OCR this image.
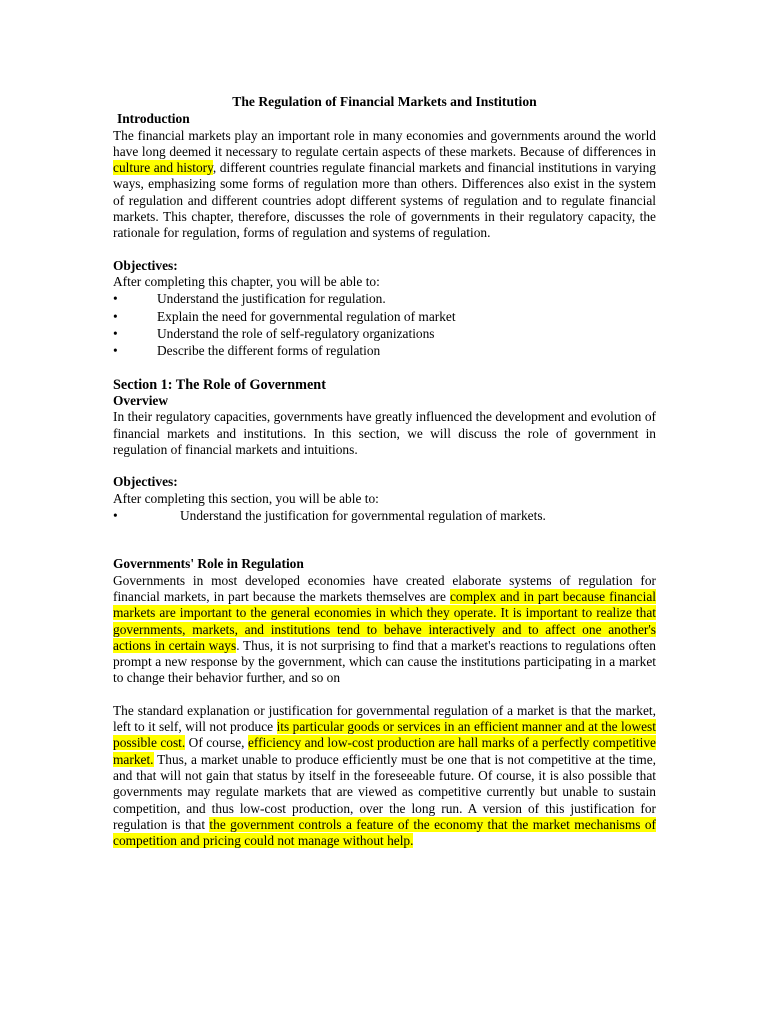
The Regulation of Financial Markets and Institution
Introduction

The financial markets play an important role in many economies and governments around the world have long deemed it necessary to regulate certain aspects of these markets. Because of differences in culture and history, different countries regulate financial markets and financial institutions in varying ways, emphasizing some forms of regulation more than others. Differences also exist in the system of regulation and different countries adopt different systems of regulation and to regulate financial markets. This chapter, therefore, discusses the role of governments in their regulatory capacity, the rationale for regulation, forms of regulation and systems of regulation.

Objectives:

After completing this chapter, you will be able to:

•	Understand the justification for regulation.
•	Explain the need for governmental regulation of market
•	Understand the role of self-regulatory organizations
•	Describe the different forms of regulation
Section 1: The Role of Government
Overview

In their regulatory capacities, governments have greatly influenced the development and evolution of financial markets and institutions. In this section, we will discuss the role of government in regulation of financial markets and intuitions.

Objectives:

After completing this section, you will be able to:

•	Understand the justification for governmental regulation of markets.
Governments' Role in Regulation

Governments in most developed economies have created elaborate systems of regulation for financial markets, in part because the markets themselves are complex and in part because financial markets are important to the general economies in which they operate. It is important to realize that governments, markets, and institutions tend to behave interactively and to affect one another's actions in certain ways. Thus, it is not surprising to find that a market's reactions to regulations often prompt a new response by the government, which can cause the institutions participating in a market to change their behavior further, and so on

The standard explanation or justification for governmental regulation of a market is that the market, left to it self, will not produce its particular goods or services in an efficient manner and at the lowest possible cost. Of course, efficiency and low-cost production are hall marks of a perfectly competitive market. Thus, a market unable to produce efficiently must be one that is not competitive at the time, and that will not gain that status by itself in the foreseeable future. Of course, it is also possible that governments may regulate markets that are viewed as competitive currently but unable to sustain competition, and thus low-cost production, over the long run. A version of this justification for regulation is that the government controls a feature of the economy that the market mechanisms of competition and pricing could not manage without help.
